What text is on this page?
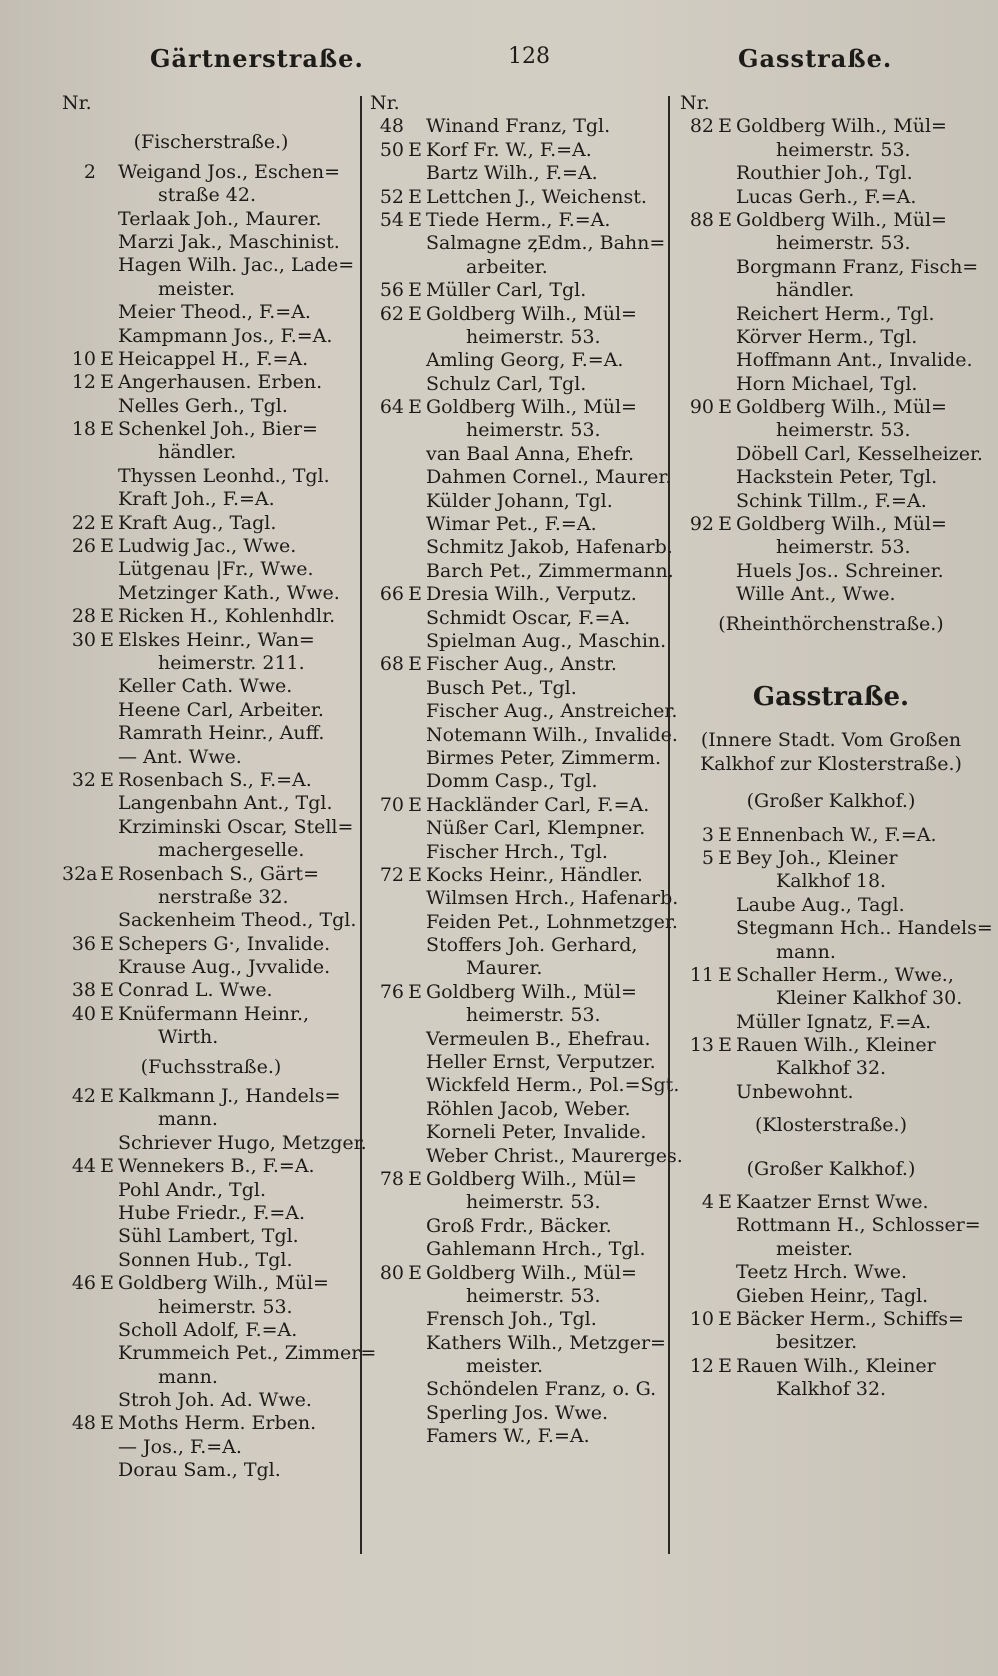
Gärtnerstraße.	128	Gasstraße.
Nr.
(Fischerstraße.)
2 Weigand Jos., Eschen=
straße 42.
Terlaak Joh., Maurer.
Marzi Jak., Maschinist.
Hagen Wilh. Jac., Lade=
meister.
Meier Theod., F.=A.
Kampmann Jos., F.=A.
10 E Heicappel H., F.=A.
12 E Angerhausen. Erben.
Nelles Gerh., Tgl.
18 E Schenkel Joh., Bier=
händler.
Thyssen Leonhd., Tgl.
Kraft Joh., F.=A.
22 E Kraft Aug., Tagl.
26 E Ludwig Jac., Wwe.
Lütgenau |Fr., Wwe.
Metzinger Kath., Wwe.
28 E Ricken H., Kohlenhdlr.
30 E Elskes Heinr., Wan=
heimerstr. 211.
Keller Cath. Wwe.
Heene Carl, Arbeiter.
Ramrath Heinr., Auff.
— Ant. Wwe.
32 E Rosenbach S., F.=A.
Langenbahn Ant., Tgl.
Krziminski Oscar, Stell=
machergeselle.
32a E Rosenbach S., Gärt=
nerstraße 32.
Sackenheim Theod., Tgl.
36 E Schepers G·, Invalide.
Krause Aug., Jvvalide.
38 E Conrad L. Wwe.
40 E Knüfermann Heinr.,
Wirth.
(Fuchsstraße.)
42 E Kalkmann J., Handels=
mann.
Schriever Hugo, Metzger.
44 E Wennekers B., F.=A.
Pohl Andr., Tgl.
Hube Friedr., F.=A.
Sühl Lambert, Tgl.
Sonnen Hub., Tgl.
46 E Goldberg Wilh., Mül=
heimerstr. 53.
Scholl Adolf, F.=A.
Krummeich Pet., Zimmer=
mann.
Stroh Joh. Ad. Wwe.
48 E Moths Herm. Erben.
— Jos., F.=A.
Dorau Sam., Tgl.
Nr.
48 Winand Franz, Tgl.
50 E Korf Fr. W., F.=A.
Bartz Wilh., F.=A.
52 E Lettchen J., Weichenst.
54 E Tiede Herm., F.=A.
Salmagne ȥEdm., Bahn=
arbeiter.
56 E Müller Carl, Tgl.
62 E Goldberg Wilh., Mül=
heimerstr. 53.
Amling Georg, F.=A.
Schulz Carl, Tgl.
64 E Goldberg Wilh., Mül=
heimerstr. 53.
van Baal Anna, Ehefr.
Dahmen Cornel., Maurer.
Külder Johann, Tgl.
Wimar Pet., F.=A.
Schmitz Jakob, Hafenarb.
Barch Pet., Zimmermann.
66 E Dresia Wilh., Verputz.
Schmidt Oscar, F.=A.
Spielman Aug., Maschin.
68 E Fischer Aug., Anstr.
Busch Pet., Tgl.
Fischer Aug., Anstreicher.
Notemann Wilh., Invalide.
Birmes Peter, Zimmerm.
Domm Casp., Tgl.
70 E Hackländer Carl, F.=A.
Nüßer Carl, Klempner.
Fischer Hrch., Tgl.
72 E Kocks Heinr., Händler.
Wilmsen Hrch., Hafenarb.
Feiden Pet., Lohnmetzger.
Stoffers Joh. Gerhard,
Maurer.
76 E Goldberg Wilh., Mül=
heimerstr. 53.
Vermeulen B., Ehefrau.
Heller Ernst, Verputzer.
Wickfeld Herm., Pol.=Sgt.
Röhlen Jacob, Weber.
Korneli Peter, Invalide.
Weber Christ., Maurerges.
78 E Goldberg Wilh., Mül=
heimerstr. 53.
Groß Frdr., Bäcker.
Gahlemann Hrch., Tgl.
80 E Goldberg Wilh., Mül=
heimerstr. 53.
Frensch Joh., Tgl.
Kathers Wilh., Metzger=
meister.
Schöndelen Franz, o. G.
Sperling Jos. Wwe.
Famers W., F.=A.
Nr.
82 E Goldberg Wilh., Mül=
heimerstr. 53.
Routhier Joh., Tgl.
Lucas Gerh., F.=A.
88 E Goldberg Wilh., Mül=
heimerstr. 53.
Borgmann Franz, Fisch=
händler.
Reichert Herm., Tgl.
Körver Herm., Tgl.
Hoffmann Ant., Invalide.
Horn Michael, Tgl.
90 E Goldberg Wilh., Mül=
heimerstr. 53.
Döbell Carl, Kesselheizer.
Hackstein Peter, Tgl.
Schink Tillm., F.=A.
92 E Goldberg Wilh., Mül=
heimerstr. 53.
Huels Jos.. Schreiner.
Wille Ant., Wwe.
(Rheinthörchenstraße.)
Gasstraße.
(Innere Stadt. Vom Großen
Kalkhof zur Klosterstraße.)
(Großer Kalkhof.)
3 E Ennenbach W., F.=A.
5 E Bey Joh., Kleiner
Kalkhof 18.
Laube Aug., Tagl.
Stegmann Hch.. Handels=
mann.
11 E Schaller Herm., Wwe.,
Kleiner Kalkhof 30.
Müller Ignatz, F.=A.
13 E Rauen Wilh., Kleiner
Kalkhof 32.
Unbewohnt.
(Klosterstraße.)
(Großer Kalkhof.)
4 E Kaatzer Ernst Wwe.
Rottmann H., Schlosser=
meister.
Teetz Hrch. Wwe.
Gieben Heinr,, Tagl.
10 E Bäcker Herm., Schiffs=
besitzer.
12 E Rauen Wilh., Kleiner
Kalkhof 32.
